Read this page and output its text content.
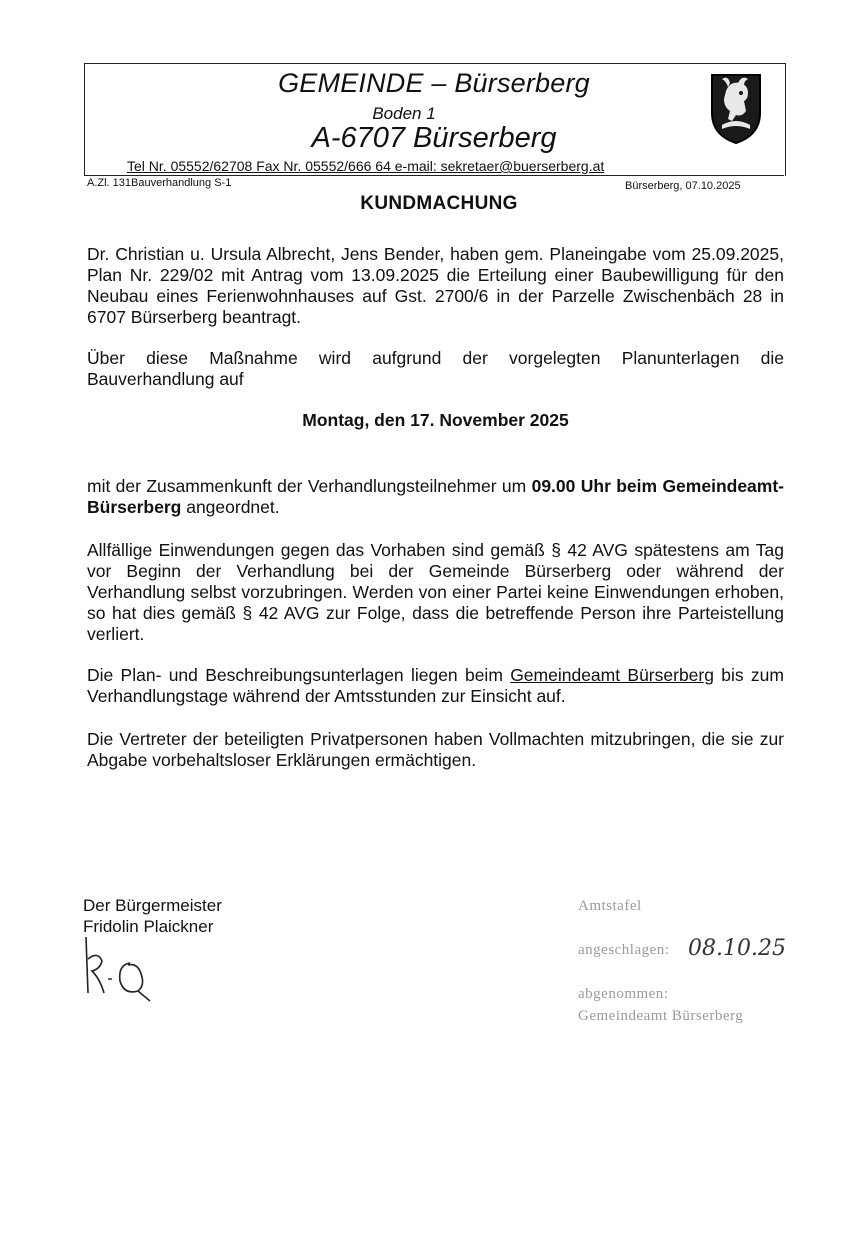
GEMEINDE – Bürserberg
Boden 1
A-6707 Bürserberg
Tel Nr. 05552/62708 Fax Nr. 05552/666 64 e-mail: sekretaer@buerserberg.at
A.Zl. 131Bauverhandlung S-1	Bürserberg, 07.10.2025
KUNDMACHUNG
Dr. Christian u. Ursula Albrecht, Jens Bender, haben gem. Planeingabe vom 25.09.2025, Plan Nr. 229/02 mit Antrag vom 13.09.2025 die Erteilung einer Baubewilligung für den Neubau eines Ferienwohnhauses auf Gst. 2700/6 in der Parzelle Zwischenbäch 28 in 6707 Bürserberg beantragt.
Über diese Maßnahme wird aufgrund der vorgelegten Planunterlagen die Bauverhandlung auf
Montag, den 17. November 2025
mit der Zusammenkunft der Verhandlungsteilnehmer um 09.00 Uhr beim Gemeindeamt-Bürserberg angeordnet.
Allfällige Einwendungen gegen das Vorhaben sind gemäß § 42 AVG spätestens am Tag vor Beginn der Verhandlung bei der Gemeinde Bürserberg oder während der Verhandlung selbst vorzubringen. Werden von einer Partei keine Einwendungen erhoben, so hat dies gemäß § 42 AVG zur Folge, dass die betreffende Person ihre Parteistellung verliert.
Die Plan- und Beschreibungsunterlagen liegen beim Gemeindeamt Bürserberg bis zum Verhandlungstage während der Amtsstunden zur Einsicht auf.
Die Vertreter der beteiligten Privatpersonen haben Vollmachten mitzubringen, die sie zur Abgabe vorbehaltsloser Erklärungen ermächtigen.
Der Bürgermeister
Fridolin Plaickner
Amtstafel
angeschlagen: 08.10.25
abgenommen:
Gemeindeamt Bürserberg
